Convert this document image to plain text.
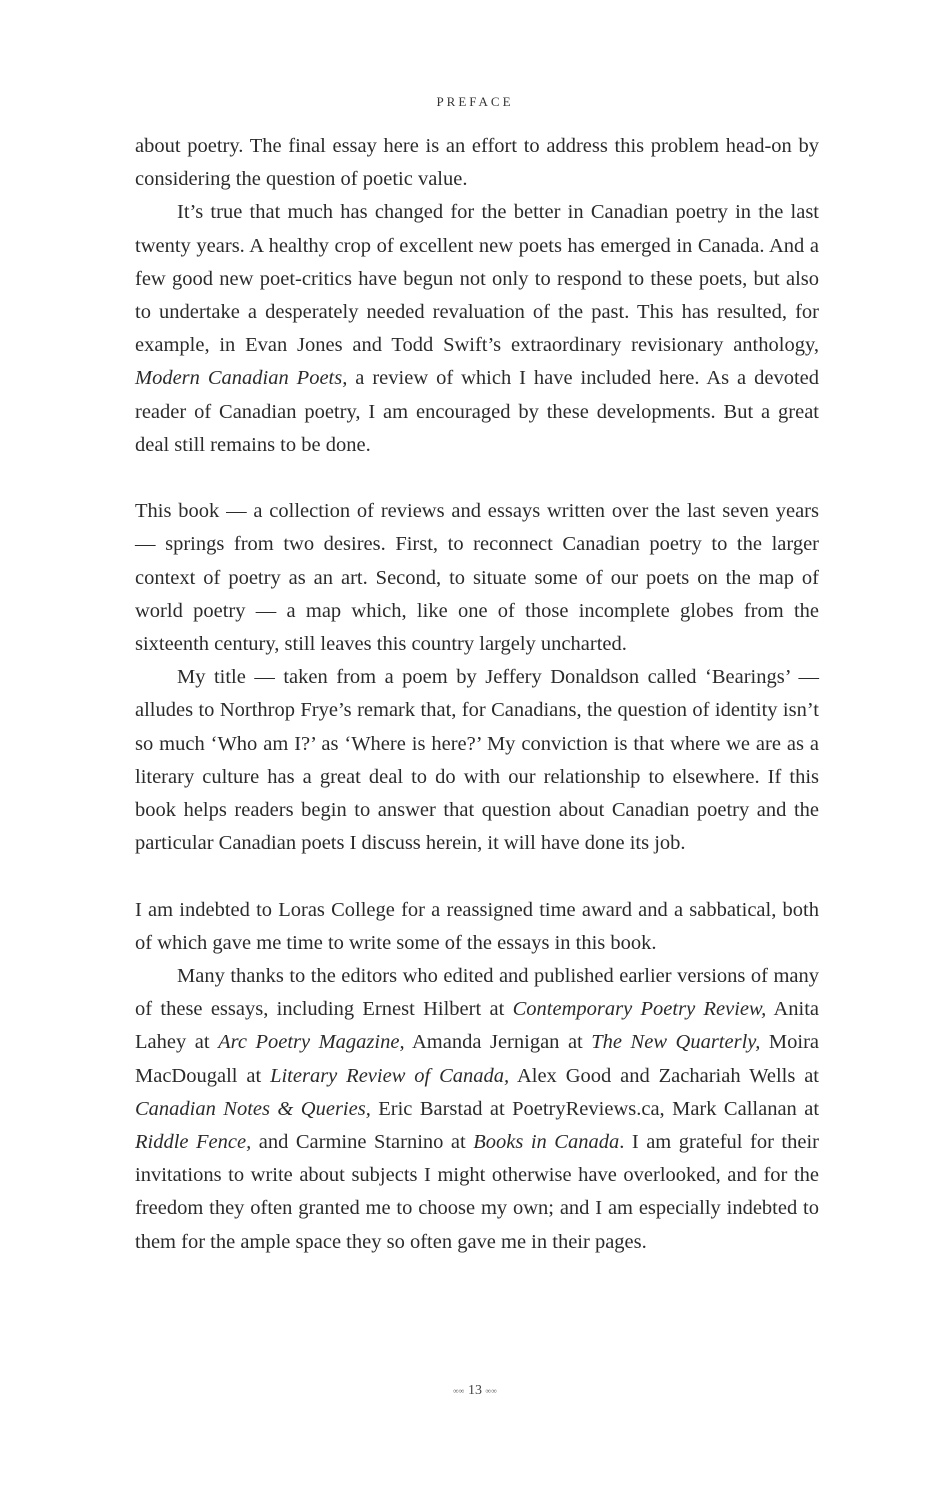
PREFACE

about poetry. The final essay here is an effort to address this problem head-on by considering the question of poetic value.

It’s true that much has changed for the better in Canadian poetry in the last twenty years. A healthy crop of excellent new poets has emerged in Canada. And a few good new poet-critics have begun not only to respond to these poets, but also to undertake a desperately needed revaluation of the past. This has resulted, for example, in Evan Jones and Todd Swift’s extraordinary revisionary anthology, Modern Canadian Poets, a review of which I have included here. As a devoted reader of Canadian poetry, I am encouraged by these developments. But a great deal still remains to be done.

This book — a collection of reviews and essays written over the last seven years — springs from two desires. First, to reconnect Canadian poetry to the larger context of poetry as an art. Second, to situate some of our poets on the map of world poetry — a map which, like one of those incomplete globes from the sixteenth century, still leaves this country largely uncharted.

My title — taken from a poem by Jeffery Donaldson called ‘Bearings’ — alludes to Northrop Frye’s remark that, for Canadians, the question of identity isn’t so much ‘Who am I?’ as ‘Where is here?’ My conviction is that where we are as a literary culture has a great deal to do with our relationship to elsewhere. If this book helps readers begin to answer that question about Canadian poetry and the particular Canadian poets I discuss herein, it will have done its job.

I am indebted to Loras College for a reassigned time award and a sabbatical, both of which gave me time to write some of the essays in this book.

Many thanks to the editors who edited and published earlier versions of many of these essays, including Ernest Hilbert at Contemporary Poetry Review, Anita Lahey at Arc Poetry Magazine, Amanda Jernigan at The New Quarterly, Moira MacDougall at Literary Review of Canada, Alex Good and Zachariah Wells at Canadian Notes & Queries, Eric Barstad at PoetryReviews.ca, Mark Callanan at Riddle Fence, and Carmine Starnino at Books in Canada. I am grateful for their invitations to write about subjects I might otherwise have overlooked, and for the freedom they often granted me to choose my own; and I am especially indebted to them for the ample space they so often gave me in their pages.

∞∞ 13 ∞∞
